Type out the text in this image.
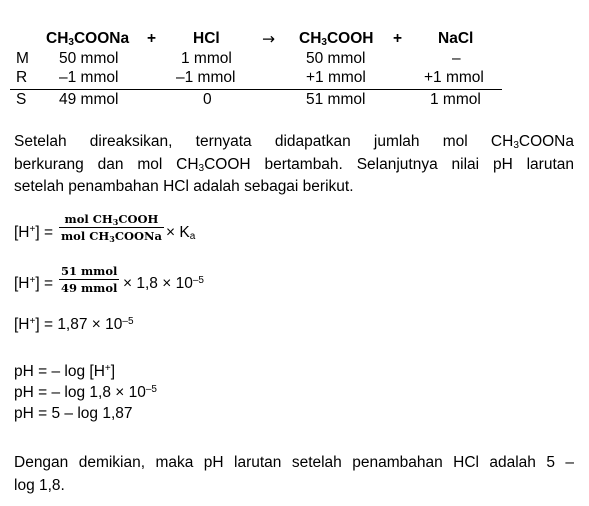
$CH_3COONa$ + HCl	→ $CH_3COOH$ + NaCl
M 50 mmol	1 mmol	50 mmol	–
R –1 mmol	–1 mmol	+1 mmol	+1 mmol
S 49 mmol	0	51 mmol	1 mmol

Setelah direaksikan, ternyata didapatkan jumlah mol $CH_3COONa$

berkurang dan mol $CH_3COOH$ bertambah. Selanjutnya nilai pH larutan

setelah penambahan HCl adalah sebagai berikut.

[H+] =
mol $CH_3COOH$
mol $CH_3COONa \times K_a$
[H+] =
51 mmol
49 mmol × $1,8 \times 10^{-5}$
$[H^+] = 1,87 \times 10^{-5}$
pH = – log [H+]
pH = – $\log 1,8 \times 10^{-5}$
pH = 5 – log 1,87

Dengan demikian, maka pH larutan setelah penambahan HCl adalah 5 –

log 1,8.
